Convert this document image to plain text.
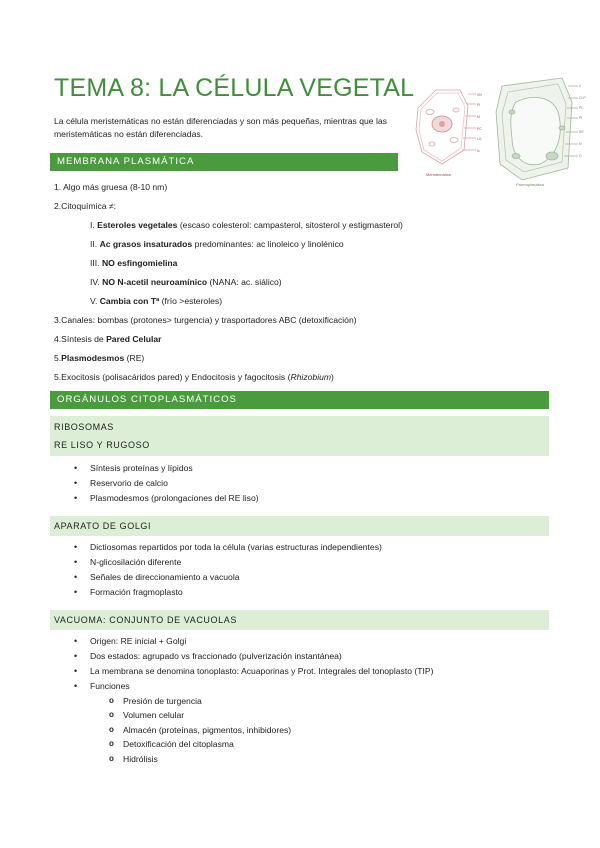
TEMA 8: LA CÉLULA VEGETAL

La célula meristemáticas no están diferenciadas y son más pequeñas, mientras que las meristemáticas no están diferenciadas.

VN
Pl
M
PC
LG
N
Meristemática
V
CLP
PC
Pl
RE
N
G
Parenquimática
MEMBRANA PLASMÁTICA
1. Algo más gruesa (8-10 nm)
2.Citoquímica ≠:
I. Esteroles vegetales (escaso colesterol: campasterol, sitosterol y estigmasterol)
II. Ac grasos insaturados predominantes: ac linoleico y linolénico
III. NO esfingomielina
IV. NO N-acetil neuroamínico (NANA: ac. siálico)
V. Cambia con Tª (frío >esteroles)
3.Canales: bombas (protones> turgencia) y trasportadores ABC (detoxificación)
4.Síntesis de Pared Celular
5.Plasmodesmos (RE)
5.Exocitosis (polisacáridos pared) y Endocitosis y fagocitosis (Rhizobium)
ORGÁNULOS CITOPLASMÁTICOS
RIBOSOMAS
RE LISO Y RUGOSO
• Síntesis proteínas y lípidos
• Reservorio de calcio
• Plasmodesmos (prolongaciones del RE liso)
APARATO DE GOLGI
• Dictiosomas repartidos por toda la célula (varias estructuras independientes)
• N-glicosilación diferente
• Señales de direccionamiento a vacuola
• Formación fragmoplasto
VACUOMA: CONJUNTO DE VACUOLAS
• Origen: RE inicial + Golgi
• Dos estados: agrupado vs fraccionado (pulverización instantánea)
• La membrana se denomina tonoplasto: Acuaporinas y Prot. Integrales del tonoplasto (TIP)
• Funciones
o Presión de turgencia
o Volumen celular
o Almacén (proteínas, pigmentos, inhibidores)
o Detoxificación del citoplasma
o Hidrólisis
